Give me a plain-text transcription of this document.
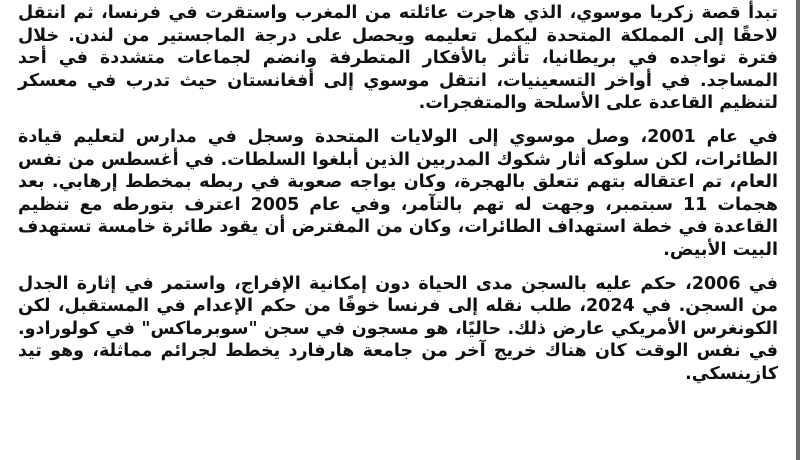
تبدأ قصة زكريا موسوي، الذي هاجرت عائلته من المغرب واستقرت في فرنسا، ثم انتقل لاحقًا إلى المملكة المتحدة ليكمل تعليمه ويحصل على درجة الماجستير من لندن. خلال فترة تواجده في بريطانيا، تأثر بالأفكار المتطرفة وانضم لجماعات متشددة في أحد المساجد. في أواخر التسعينيات، انتقل موسوي إلى أفغانستان حيث تدرب في معسكر لتنظيم القاعدة على الأسلحة والمتفجرات.

في عام 2001، وصل موسوي إلى الولايات المتحدة وسجل في مدارس لتعليم قيادة الطائرات، لكن سلوكه أثار شكوك المدربين الذين أبلغوا السلطات. في أغسطس من نفس العام، تم اعتقاله بتهم تتعلق بالهجرة، وكان يواجه صعوبة في ربطه بمخطط إرهابي. بعد هجمات 11 سبتمبر، وجهت له تهم بالتآمر، وفي عام 2005 اعترف بتورطه مع تنظيم القاعدة في خطة استهداف الطائرات، وكان من المفترض أن يقود طائرة خامسة تستهدف البيت الأبيض.

في 2006، حكم عليه بالسجن مدى الحياة دون إمكانية الإفراج، واستمر في إثارة الجدل من السجن. في 2024، طلب نقله إلى فرنسا خوفًا من حكم الإعدام في المستقبل، لكن الكونغرس الأمريكي عارض ذلك. حاليًا، هو مسجون في سجن "سوبرماكس" في كولورادو. في نفس الوقت كان هناك خريج آخر من جامعة هارفارد يخطط لجرائم مماثلة، وهو تيد كازينسكي.
